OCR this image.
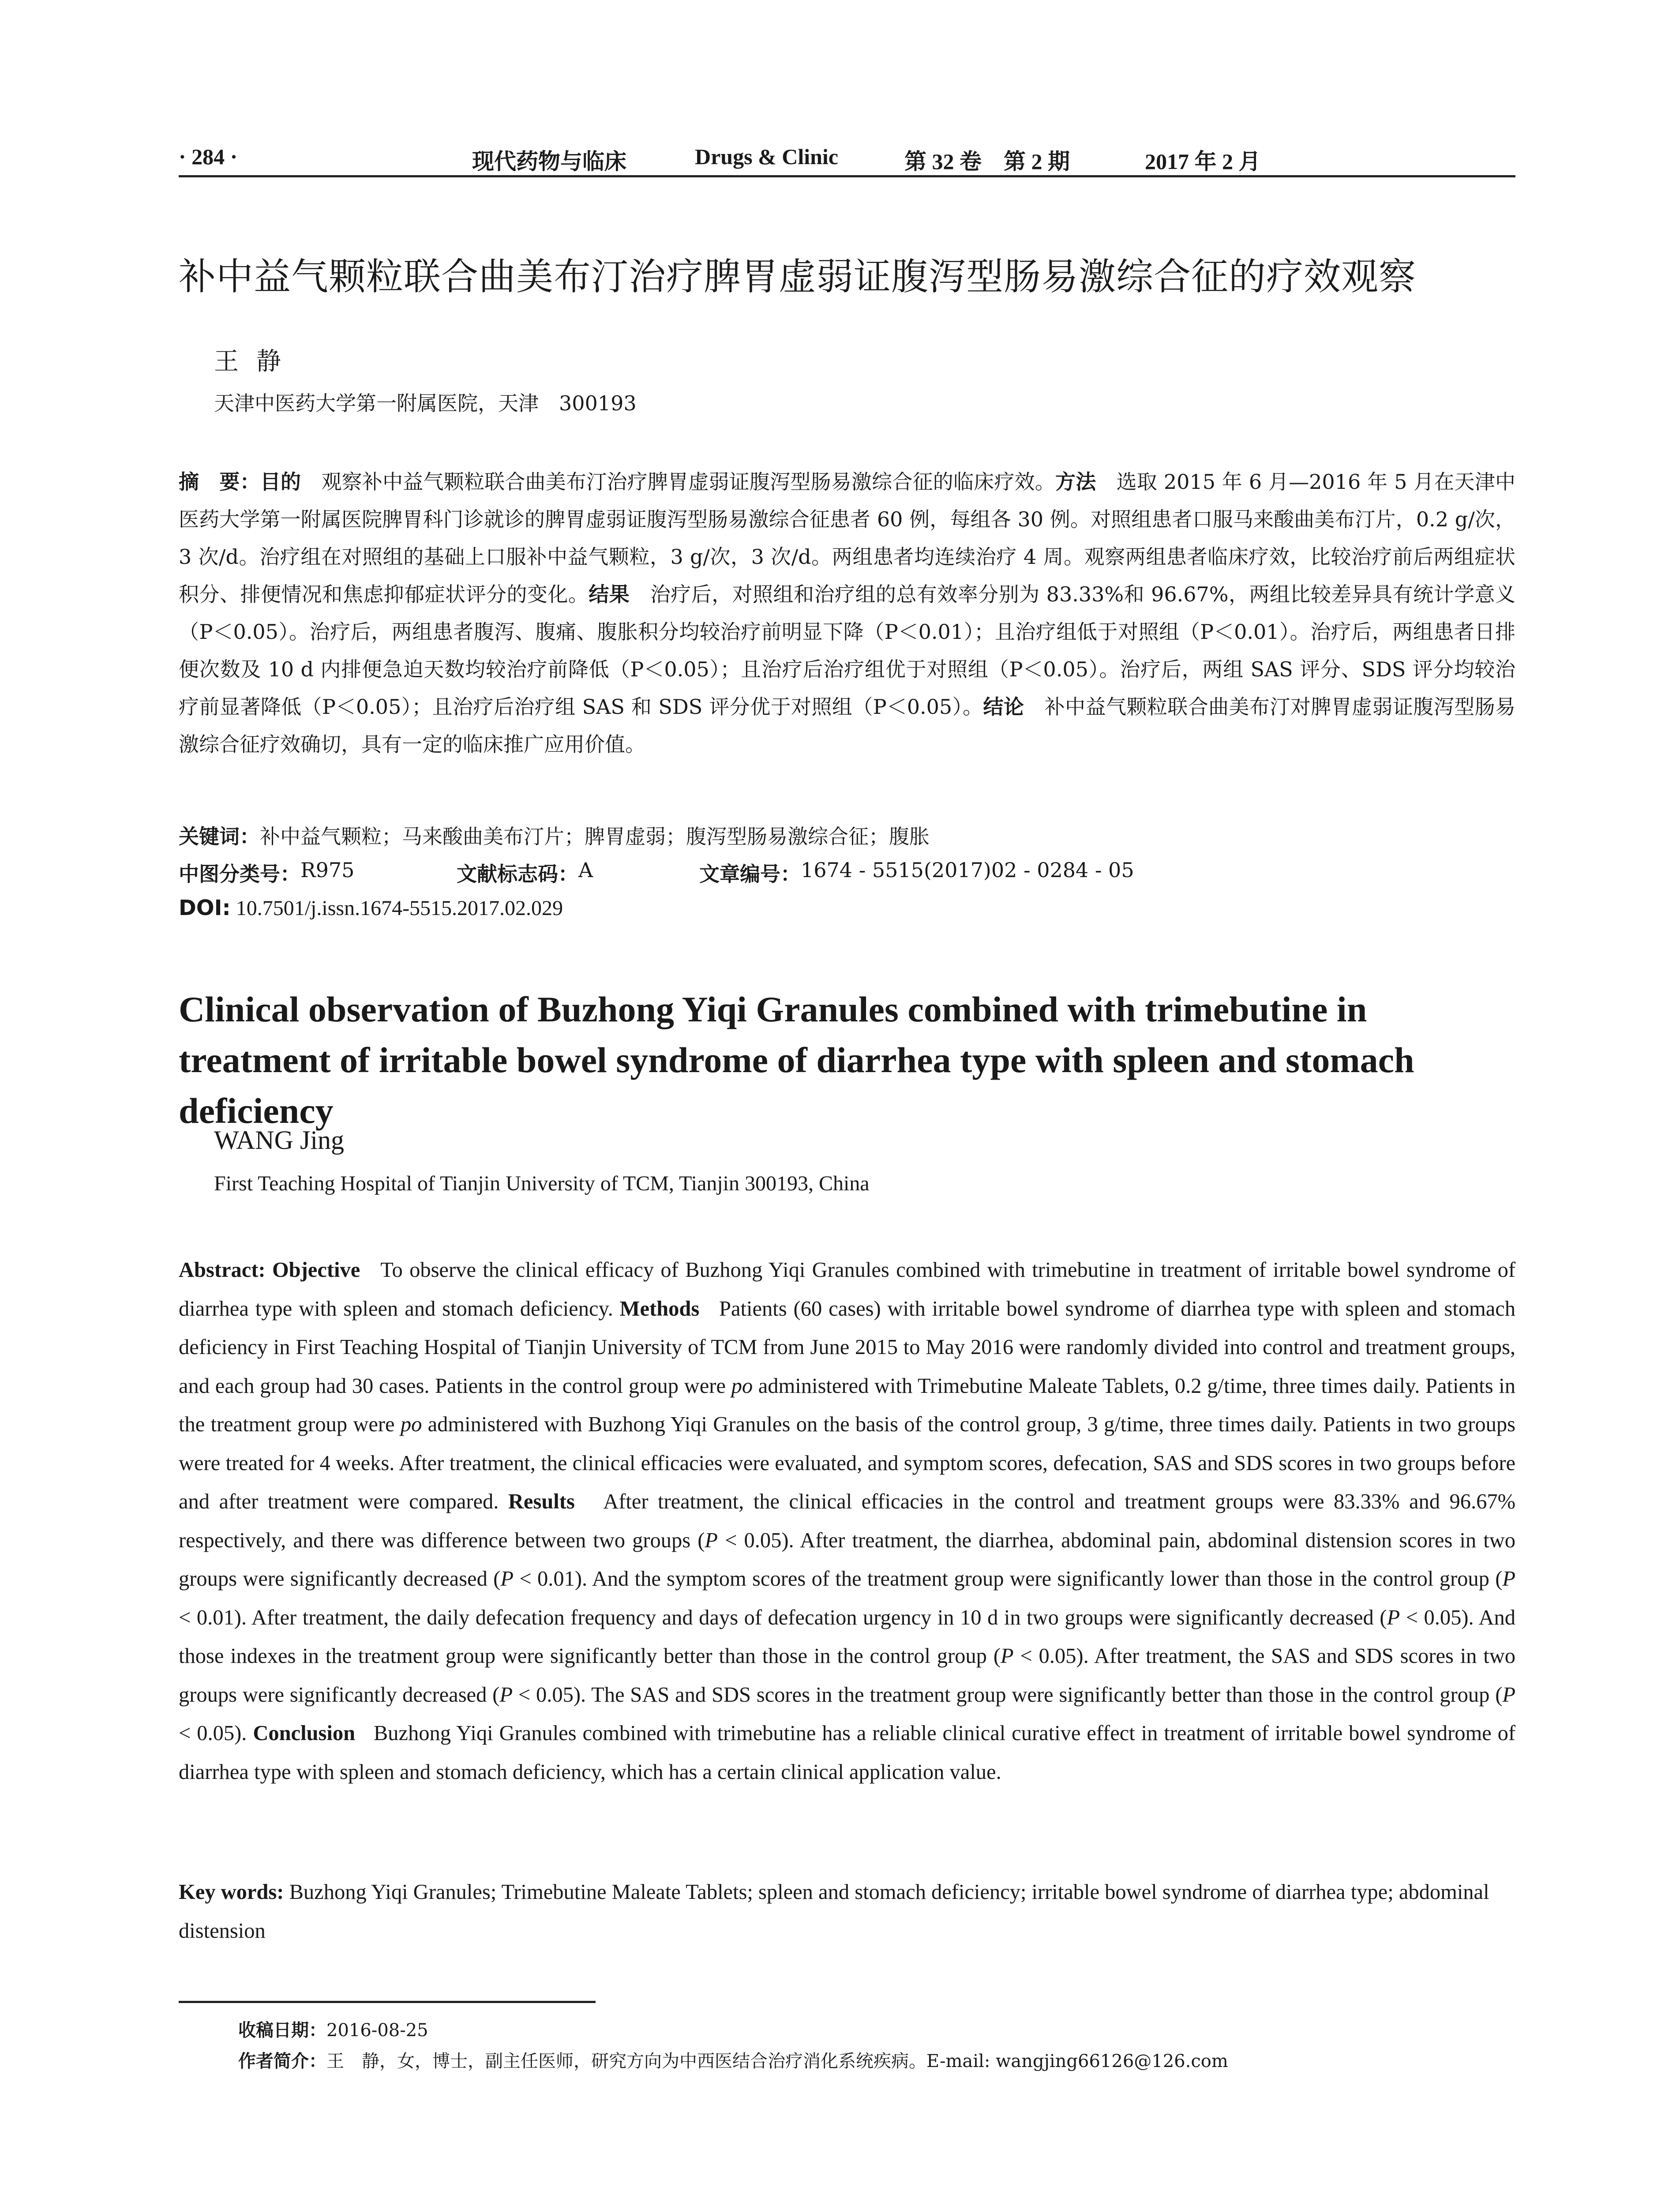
· 284 ·	现代药物与临床	Drugs & Clinic	第 32 卷　第 2 期	2017 年 2 月
补中益气颗粒联合曲美布汀治疗脾胃虚弱证腹泻型肠易激综合征的疗效观察
王静
天津中医药大学第一附属医院，天津　300193
摘　要：目的　观察补中益气颗粒联合曲美布汀治疗脾胃虚弱证腹泻型肠易激综合征的临床疗效。方法　选取 2015 年 6 月—2016 年 5 月在天津中医药大学第一附属医院脾胃科门诊就诊的脾胃虚弱证腹泻型肠易激综合征患者 60 例，每组各 30 例。对照组患者口服马来酸曲美布汀片，0.2 g/次，3 次/d。治疗组在对照组的基础上口服补中益气颗粒，3 g/次，3 次/d。两组患者均连续治疗 4 周。观察两组患者临床疗效，比较治疗前后两组症状积分、排便情况和焦虑抑郁症状评分的变化。结果　治疗后，对照组和治疗组的总有效率分别为 83.33%和 96.67%，两组比较差异具有统计学意义（P＜0.05）。治疗后，两组患者腹泻、腹痛、腹胀积分均较治疗前明显下降（P＜0.01）；且治疗组低于对照组（P＜0.01）。治疗后，两组患者日排便次数及 10 d 内排便急迫天数均较治疗前降低（P＜0.05）；且治疗后治疗组优于对照组（P＜0.05）。治疗后，两组 SAS 评分、SDS 评分均较治疗前显著降低（P＜0.05）；且治疗后治疗组 SAS 和 SDS 评分优于对照组（P＜0.05）。结论　补中益气颗粒联合曲美布汀对脾胃虚弱证腹泻型肠易激综合征疗效确切，具有一定的临床推广应用价值。
关键词：补中益气颗粒；马来酸曲美布汀片；脾胃虚弱；腹泻型肠易激综合征；腹胀
中图分类号： R975	文献标志码： A	文章编号： 1674 - 5515(2017)02 - 0284 - 05
DOI: 10.7501/j.issn.1674-5515.2017.02.029
Clinical observation of Buzhong Yiqi Granules combined with trimebutine in treatment of irritable bowel syndrome of diarrhea type with spleen and stomach deficiency
WANG Jing
First Teaching Hospital of Tianjin University of TCM, Tianjin 300193, China
Abstract: Objective To observe the clinical efficacy of Buzhong Yiqi Granules combined with trimebutine in treatment of irritable bowel syndrome of diarrhea type with spleen and stomach deficiency. Methods Patients (60 cases) with irritable bowel syndrome of diarrhea type with spleen and stomach deficiency in First Teaching Hospital of Tianjin University of TCM from June 2015 to May 2016 were randomly divided into control and treatment groups, and each group had 30 cases. Patients in the control group were po administered with Trimebutine Maleate Tablets, 0.2 g/time, three times daily. Patients in the treatment group were po administered with Buzhong Yiqi Granules on the basis of the control group, 3 g/time, three times daily. Patients in two groups were treated for 4 weeks. After treatment, the clinical efficacies were evaluated, and symptom scores, defecation, SAS and SDS scores in two groups before and after treatment were compared. Results After treatment, the clinical efficacies in the control and treatment groups were 83.33% and 96.67% respectively, and there was difference between two groups (P < 0.05). After treatment, the diarrhea, abdominal pain, abdominal distension scores in two groups were significantly decreased (P < 0.01). And the symptom scores of the treatment group were significantly lower than those in the control group (P < 0.01). After treatment, the daily defecation frequency and days of defecation urgency in 10 d in two groups were significantly decreased (P < 0.05). And those indexes in the treatment group were significantly better than those in the control group (P < 0.05). After treatment, the SAS and SDS scores in two groups were significantly decreased (P < 0.05). The SAS and SDS scores in the treatment group were significantly better than those in the control group (P < 0.05). Conclusion Buzhong Yiqi Granules combined with trimebutine has a reliable clinical curative effect in treatment of irritable bowel syndrome of diarrhea type with spleen and stomach deficiency, which has a certain clinical application value.
Key words: Buzhong Yiqi Granules; Trimebutine Maleate Tablets; spleen and stomach deficiency; irritable bowel syndrome of diarrhea type; abdominal distension
收稿日期：2016-08-25
作者简介：王　静，女，博士，副主任医师，研究方向为中西医结合治疗消化系统疾病。E-mail: wangjing66126@126.com
